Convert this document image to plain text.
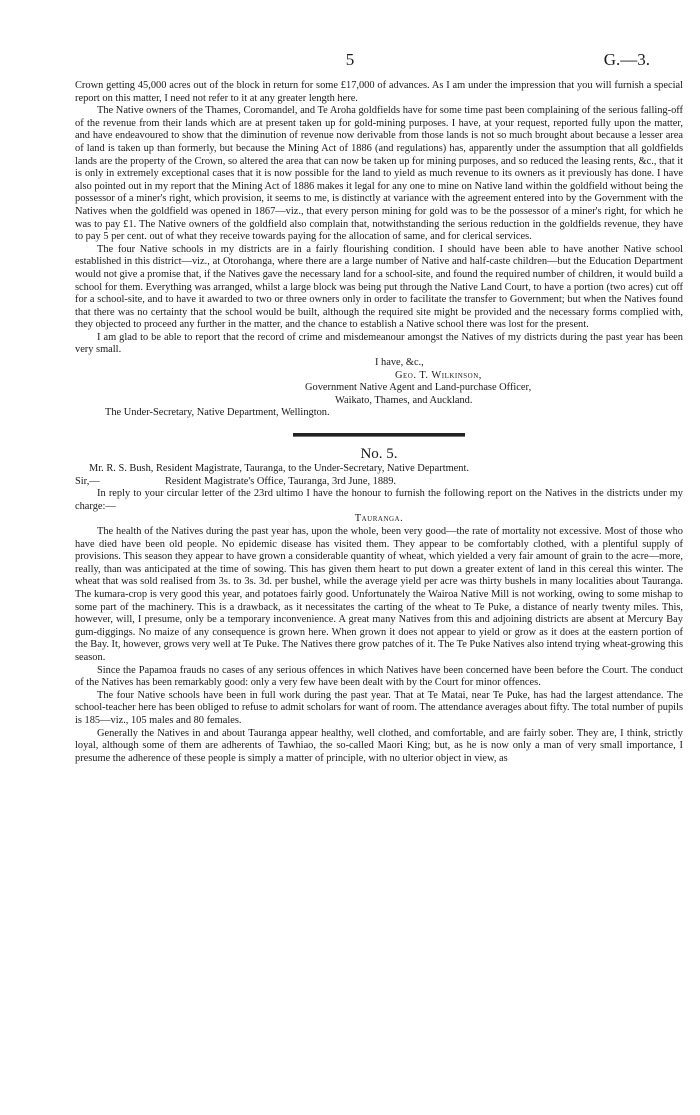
5	G.—3.

Crown getting 45,000 acres out of the block in return for some £17,000 of advances. As I am under the impression that you will furnish a special report on this matter, I need not refer to it at any greater length here.

The Native owners of the Thames, Coromandel, and Te Aroha goldfields have for some time past been complaining of the serious falling-off of the revenue from their lands which are at present taken up for gold-mining purposes. I have, at your request, reported fully upon the matter, and have endeavoured to show that the diminution of revenue now derivable from those lands is not so much brought about because a lesser area of land is taken up than formerly, but because the Mining Act of 1886 (and regulations) has, apparently under the assumption that all goldfields lands are the property of the Crown, so altered the area that can now be taken up for mining purposes, and so reduced the leasing rents, &c., that it is only in extremely exceptional cases that it is now possible for the land to yield as much revenue to its owners as it previously has done. I have also pointed out in my report that the Mining Act of 1886 makes it legal for any one to mine on Native land within the goldfield without being the possessor of a miner's right, which provision, it seems to me, is distinctly at variance with the agreement entered into by the Government with the Natives when the goldfield was opened in 1867—viz., that every person mining for gold was to be the possessor of a miner's right, for which he was to pay £1. The Native owners of the goldfield also complain that, notwithstanding the serious reduction in the goldfields revenue, they have to pay 5 per cent. out of what they receive towards paying for the allocation of same, and for clerical services.

The four Native schools in my districts are in a fairly flourishing condition. I should have been able to have another Native school established in this district—viz., at Otorohanga, where there are a large number of Native and half-caste children—but the Education Department would not give a promise that, if the Natives gave the necessary land for a school-site, and found the required number of children, it would build a school for them. Everything was arranged, whilst a large block was being put through the Native Land Court, to have a portion (two acres) cut off for a school-site, and to have it awarded to two or three owners only in order to facilitate the transfer to Government; but when the Natives found that there was no certainty that the school would be built, although the required site might be provided and the necessary forms complied with, they objected to proceed any further in the matter, and the chance to establish a Native school there was lost for the present.

I am glad to be able to report that the record of crime and misdemeanour amongst the Natives of my districts during the past year has been very small.

I have, &c.,

Geo. T. Wilkinson,

Government Native Agent and Land-purchase Officer,

Waikato, Thames, and Auckland.

The Under-Secretary, Native Department, Wellington.

No. 5.

Mr. R. S. Bush, Resident Magistrate, Tauranga, to the Under-Secretary, Native Department.

Sir,—	Resident Magistrate's Office, Tauranga, 3rd June, 1889.

In reply to your circular letter of the 23rd ultimo I have the honour to furnish the following report on the Natives in the districts under my charge:—

Tauranga.

The health of the Natives during the past year has, upon the whole, been very good—the rate of mortality not excessive. Most of those who have died have been old people. No epidemic disease has visited them. They appear to be comfortably clothed, with a plentiful supply of provisions. This season they appear to have grown a considerable quantity of wheat, which yielded a very fair amount of grain to the acre—more, really, than was anticipated at the time of sowing. This has given them heart to put down a greater extent of land in this cereal this winter. The wheat that was sold realised from 3s. to 3s. 3d. per bushel, while the average yield per acre was thirty bushels in many localities about Tauranga. The kumara-crop is very good this year, and potatoes fairly good. Unfortunately the Wairoa Native Mill is not working, owing to some mishap to some part of the machinery. This is a drawback, as it necessitates the carting of the wheat to Te Puke, a distance of nearly twenty miles. This, however, will, I presume, only be a temporary inconvenience. A great many Natives from this and adjoining districts are absent at Mercury Bay gum-diggings. No maize of any consequence is grown here. When grown it does not appear to yield or grow as it does at the eastern portion of the Bay. It, however, grows very well at Te Puke. The Natives there grow patches of it. The Te Puke Natives also intend trying wheat-growing this season.

Since the Papamoa frauds no cases of any serious offences in which Natives have been concerned have been before the Court. The conduct of the Natives has been remarkably good: only a very few have been dealt with by the Court for minor offences.

The four Native schools have been in full work during the past year. That at Te Matai, near Te Puke, has had the largest attendance. The school-teacher here has been obliged to refuse to admit scholars for want of room. The attendance averages about fifty. The total number of pupils is 185—viz., 105 males and 80 females.

Generally the Natives in and about Tauranga appear healthy, well clothed, and comfortable, and are fairly sober. They are, I think, strictly loyal, although some of them are adherents of Tawhiao, the so-called Maori King; but, as he is now only a man of very small importance, I presume the adherence of these people is simply a matter of principle, with no ulterior object in view, as
